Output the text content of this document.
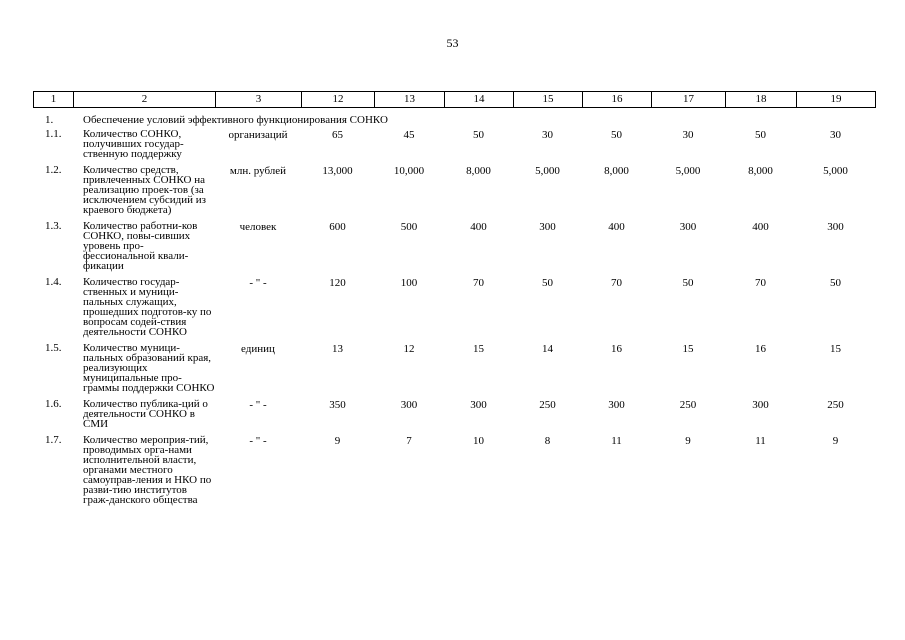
53
1	2	3	12	13	14	15	16	17	18	19
1.	Обеспечение условий эффективного функционирования СОНКО									
1.1.	Количество СОНКО, получивших государ-ственную поддержку	организаций	65	45	50	30	50	30	50	30
1.2.	Количество средств, привлеченных СОНКО на реализацию проек-тов (за исключением субсидий из краевого бюджета)	млн. рублей	13,000	10,000	8,000	5,000	8,000	5,000	8,000	5,000
1.3.	Количество работни-ков СОНКО, повы-сивших уровень про-фессиональной квали-фикации	человек	600	500	400	300	400	300	400	300
1.4.	Количество государ-ственных и муници-пальных служащих, прошедших подготов-ку по вопросам содей-ствия деятельности СОНКО	- " -	120	100	70	50	70	50	70	50
1.5.	Количество муници-пальных образований края, реализующих муниципальные про-граммы поддержки СОНКО	единиц	13	12	15	14	16	15	16	15
1.6.	Количество публика-ций о деятельности СОНКО в СМИ	- " -	350	300	300	250	300	250	300	250
1.7.	Количество мероприя-тий, проводимых орга-нами исполнительной власти, органами местного самоуправ-ления и НКО по разви-тию институтов граж-данского общества	- " -	9	7	10	8	11	9	11	9
